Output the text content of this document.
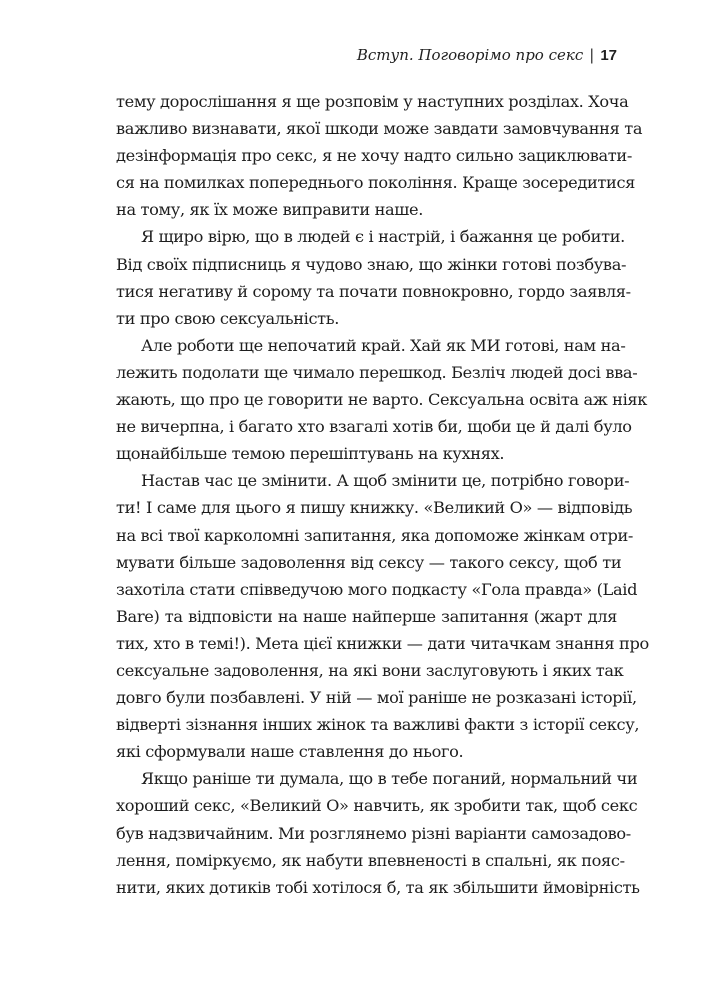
Вступ. Поговорімо про секс | 17
тему дорослішання я ще розповім у наступних розділах. Хоча
важливо визнавати, якої шкоди може завдати замовчування та
дезінформація про секс, я не хочу надто сильно зациклювати-
ся на помилках попереднього покоління. Краще зосередитися
на тому, як їх може виправити наше.
Я щиро вірю, що в людей є і настрій, і бажання це робити.
Від своїх підписниць я чудово знаю, що жінки готові позбува-
тися негативу й сорому та почати повнокровно, гордо заявля-
ти про свою сексуальність.
Але роботи ще непочатий край. Хай як МИ готові, нам на-
лежить подолати ще чимало перешкод. Безліч людей досі вва-
жають, що про це говорити не варто. Сексуальна освіта аж ніяк
не вичерпна, і багато хто взагалі хотів би, щоби це й далі було
щонайбільше темою перешіптувань на кухнях.
Настав час це змінити. А щоб змінити це, потрібно говори-
ти! І саме для цього я пишу книжку. «Великий О» — відповідь
на всі твої карколомні запитання, яка допоможе жінкам отри-
мувати більше задоволення від сексу — такого сексу, щоб ти
захотіла стати співведучою мого подкасту «Гола правда» (Laid
Bare) та відповісти на наше найперше запитання (жарт для
тих, хто в темі!). Мета цієї книжки — дати читачкам знання про
сексуальне задоволення, на які вони заслуговують і яких так
довго були позбавлені. У ній — мої раніше не розказані історії,
відверті зізнання інших жінок та важливі факти з історії сексу,
які сформували наше ставлення до нього.
Якщо раніше ти думала, що в тебе поганий, нормальний чи
хороший секс, «Великий О» навчить, як зробити так, щоб секс
був надзвичайним. Ми розглянемо різні варіанти самозадово-
лення, поміркуємо, як набути впевненості в спальні, як пояс-
нити, яких дотиків тобі хотілося б, та як збільшити ймовірність
